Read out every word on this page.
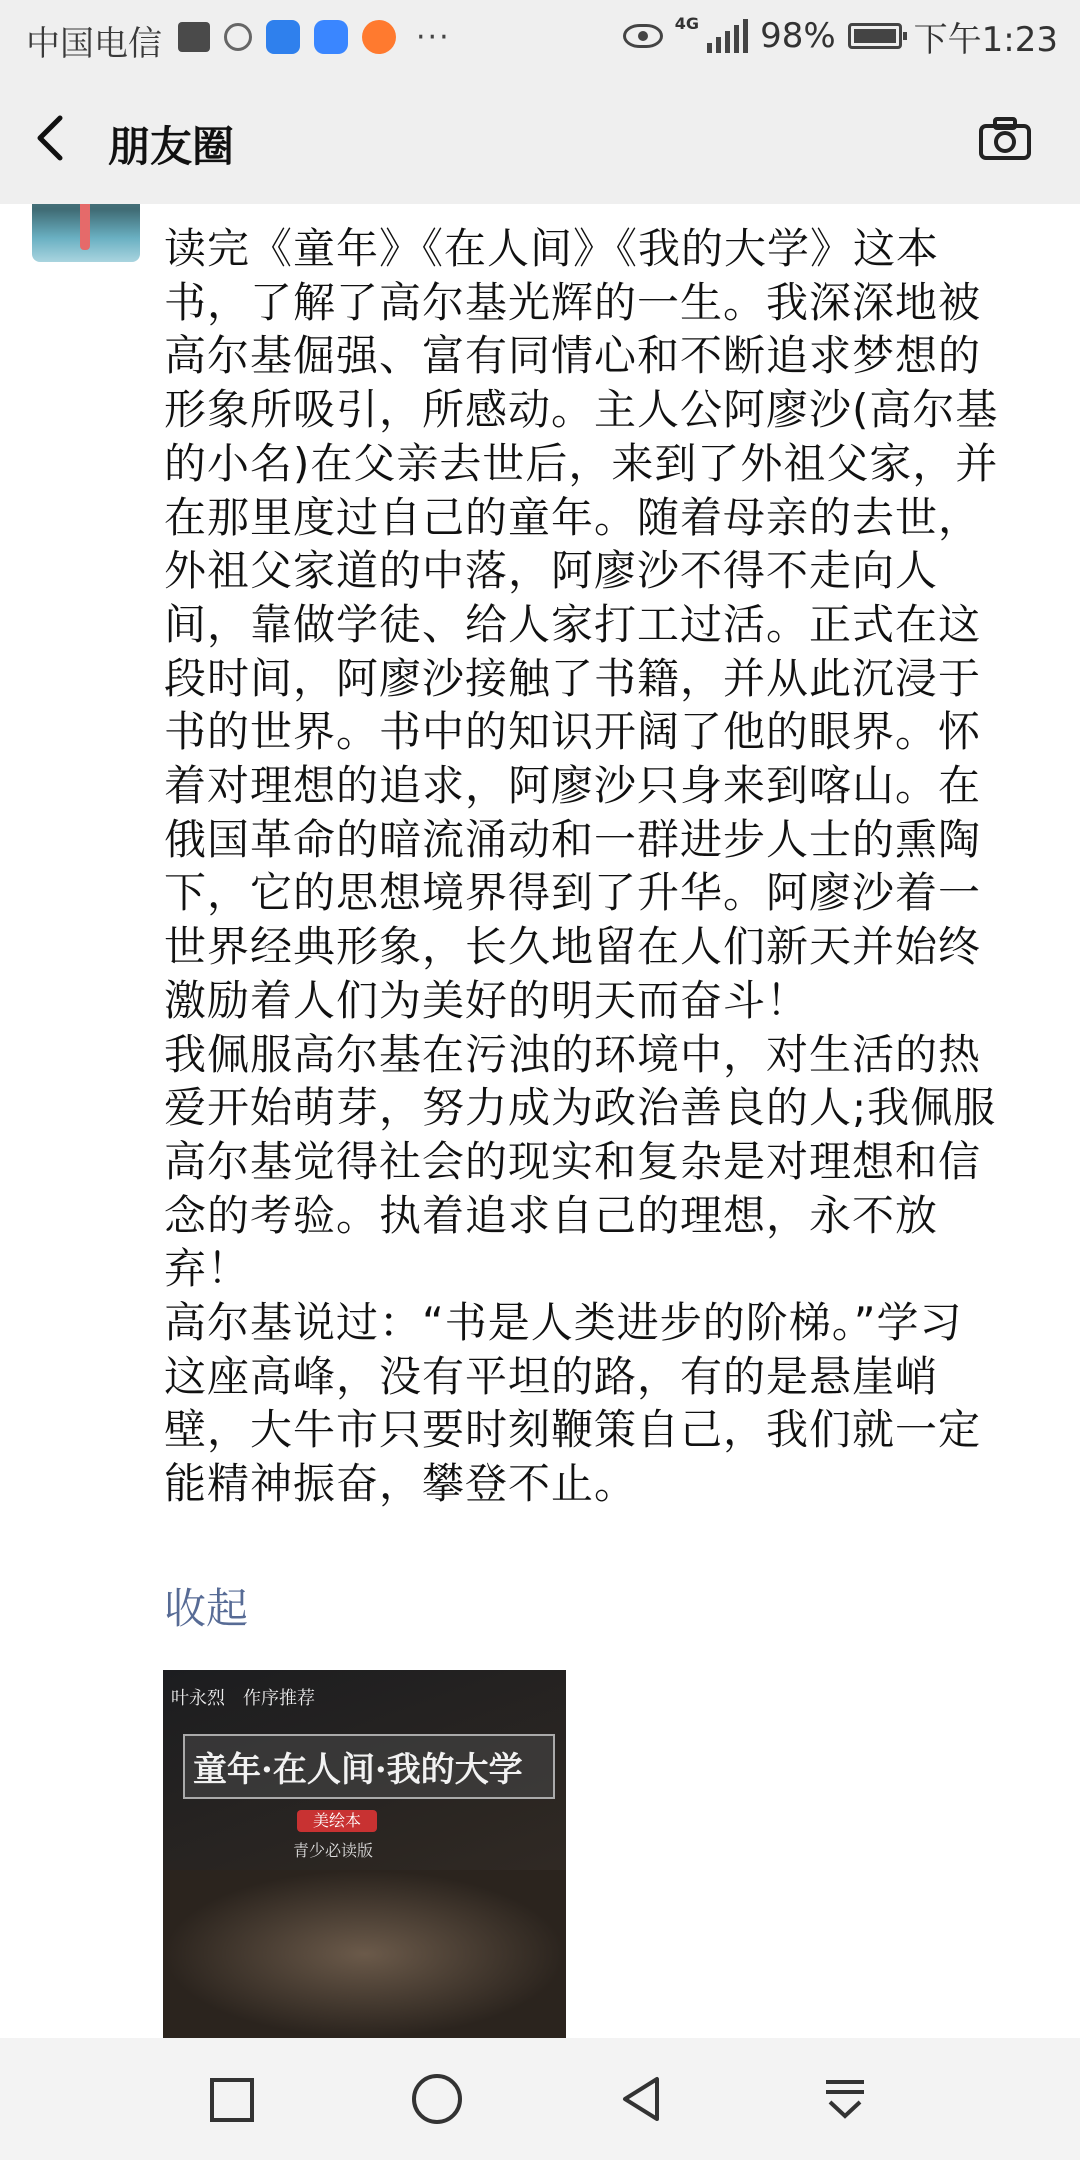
中国电信	···	4G 98% 下午1:23
朋友圈
读完《童年》《在人间》《我的大学》这本书，了解了高尔基光辉的一生。我深深地被高尔基倔强、富有同情心和不断追求梦想的形象所吸引，所感动。主人公阿廖沙(高尔基的小名)在父亲去世后，来到了外祖父家，并在那里度过自己的童年。随着母亲的去世，外祖父家道的中落，阿廖沙不得不走向人间，靠做学徒、给人家打工过活。正式在这段时间，阿廖沙接触了书籍，并从此沉浸于书的世界。书中的知识开阔了他的眼界。怀着对理想的追求，阿廖沙只身来到喀山。在俄国革命的暗流涌动和一群进步人士的熏陶下，它的思想境界得到了升华。阿廖沙着一世界经典形象，长久地留在人们新天并始终激励着人们为美好的明天而奋斗！
我佩服高尔基在污浊的环境中，对生活的热爱开始萌芽，努力成为政治善良的人;我佩服高尔基觉得社会的现实和复杂是对理想和信念的考验。执着追求自己的理想，永不放弃！
高尔基说过：“书是人类进步的阶梯。”学习这座高峰，没有平坦的路，有的是悬崖峭壁，大牛市只要时刻鞭策自己，我们就一定能精神振奋，攀登不止。
收起
叶永烈　作序推荐
童年·在人间·我的大学
美绘本
青少必读版
